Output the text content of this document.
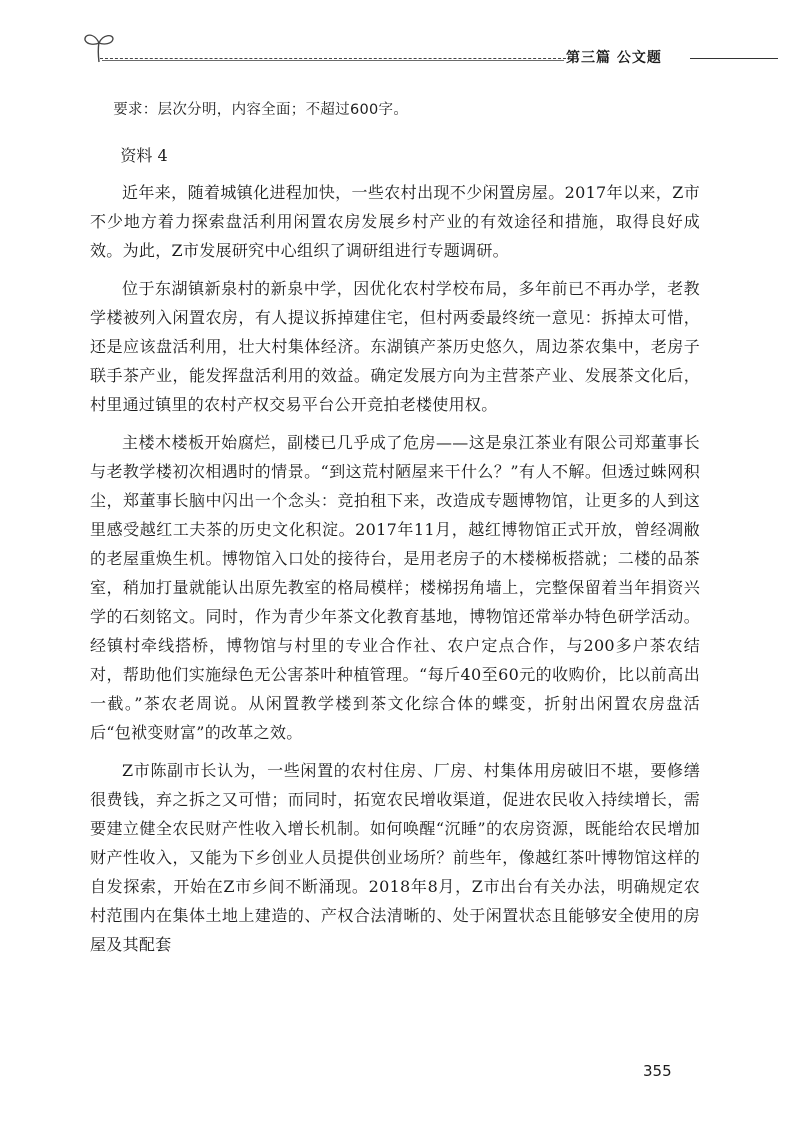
第三篇 公文题

要求：层次分明，内容全面；不超过600字。

资料 4

近年来，随着城镇化进程加快，一些农村出现不少闲置房屋。2017年以来，Z市不少地方着力探索盘活利用闲置农房发展乡村产业的有效途径和措施，取得良好成效。为此，Z市发展研究中心组织了调研组进行专题调研。

位于东湖镇新泉村的新泉中学，因优化农村学校布局，多年前已不再办学，老教学楼被列入闲置农房，有人提议拆掉建住宅，但村两委最终统一意见：拆掉太可惜，还是应该盘活利用，壮大村集体经济。东湖镇产茶历史悠久，周边茶农集中，老房子联手茶产业，能发挥盘活利用的效益。确定发展方向为主营茶产业、发展茶文化后，村里通过镇里的农村产权交易平台公开竞拍老楼使用权。

主楼木楼板开始腐烂，副楼已几乎成了危房——这是泉江茶业有限公司郑董事长与老教学楼初次相遇时的情景。“到这荒村陋屋来干什么？”有人不解。但透过蛛网积尘，郑董事长脑中闪出一个念头：竞拍租下来，改造成专题博物馆，让更多的人到这里感受越红工夫茶的历史文化积淀。2017年11月，越红博物馆正式开放，曾经凋敝的老屋重焕生机。博物馆入口处的接待台，是用老房子的木楼梯板搭就；二楼的品茶室，稍加打量就能认出原先教室的格局模样；楼梯拐角墙上，完整保留着当年捐资兴学的石刻铭文。同时，作为青少年茶文化教育基地，博物馆还常举办特色研学活动。经镇村牵线搭桥，博物馆与村里的专业合作社、农户定点合作，与200多户茶农结对，帮助他们实施绿色无公害茶叶种植管理。“每斤40至60元的收购价，比以前高出一截。”茶农老周说。从闲置教学楼到茶文化综合体的蝶变，折射出闲置农房盘活后“包袱变财富”的改革之效。

Z市陈副市长认为，一些闲置的农村住房、厂房、村集体用房破旧不堪，要修缮很费钱，弃之拆之又可惜；而同时，拓宽农民增收渠道，促进农民收入持续增长，需要建立健全农民财产性收入增长机制。如何唤醒“沉睡”的农房资源，既能给农民增加财产性收入，又能为下乡创业人员提供创业场所？前些年，像越红茶叶博物馆这样的自发探索，开始在Z市乡间不断涌现。2018年8月，Z市出台有关办法，明确规定农村范围内在集体土地上建造的、产权合法清晰的、处于闲置状态且能够安全使用的房屋及其配套

355
